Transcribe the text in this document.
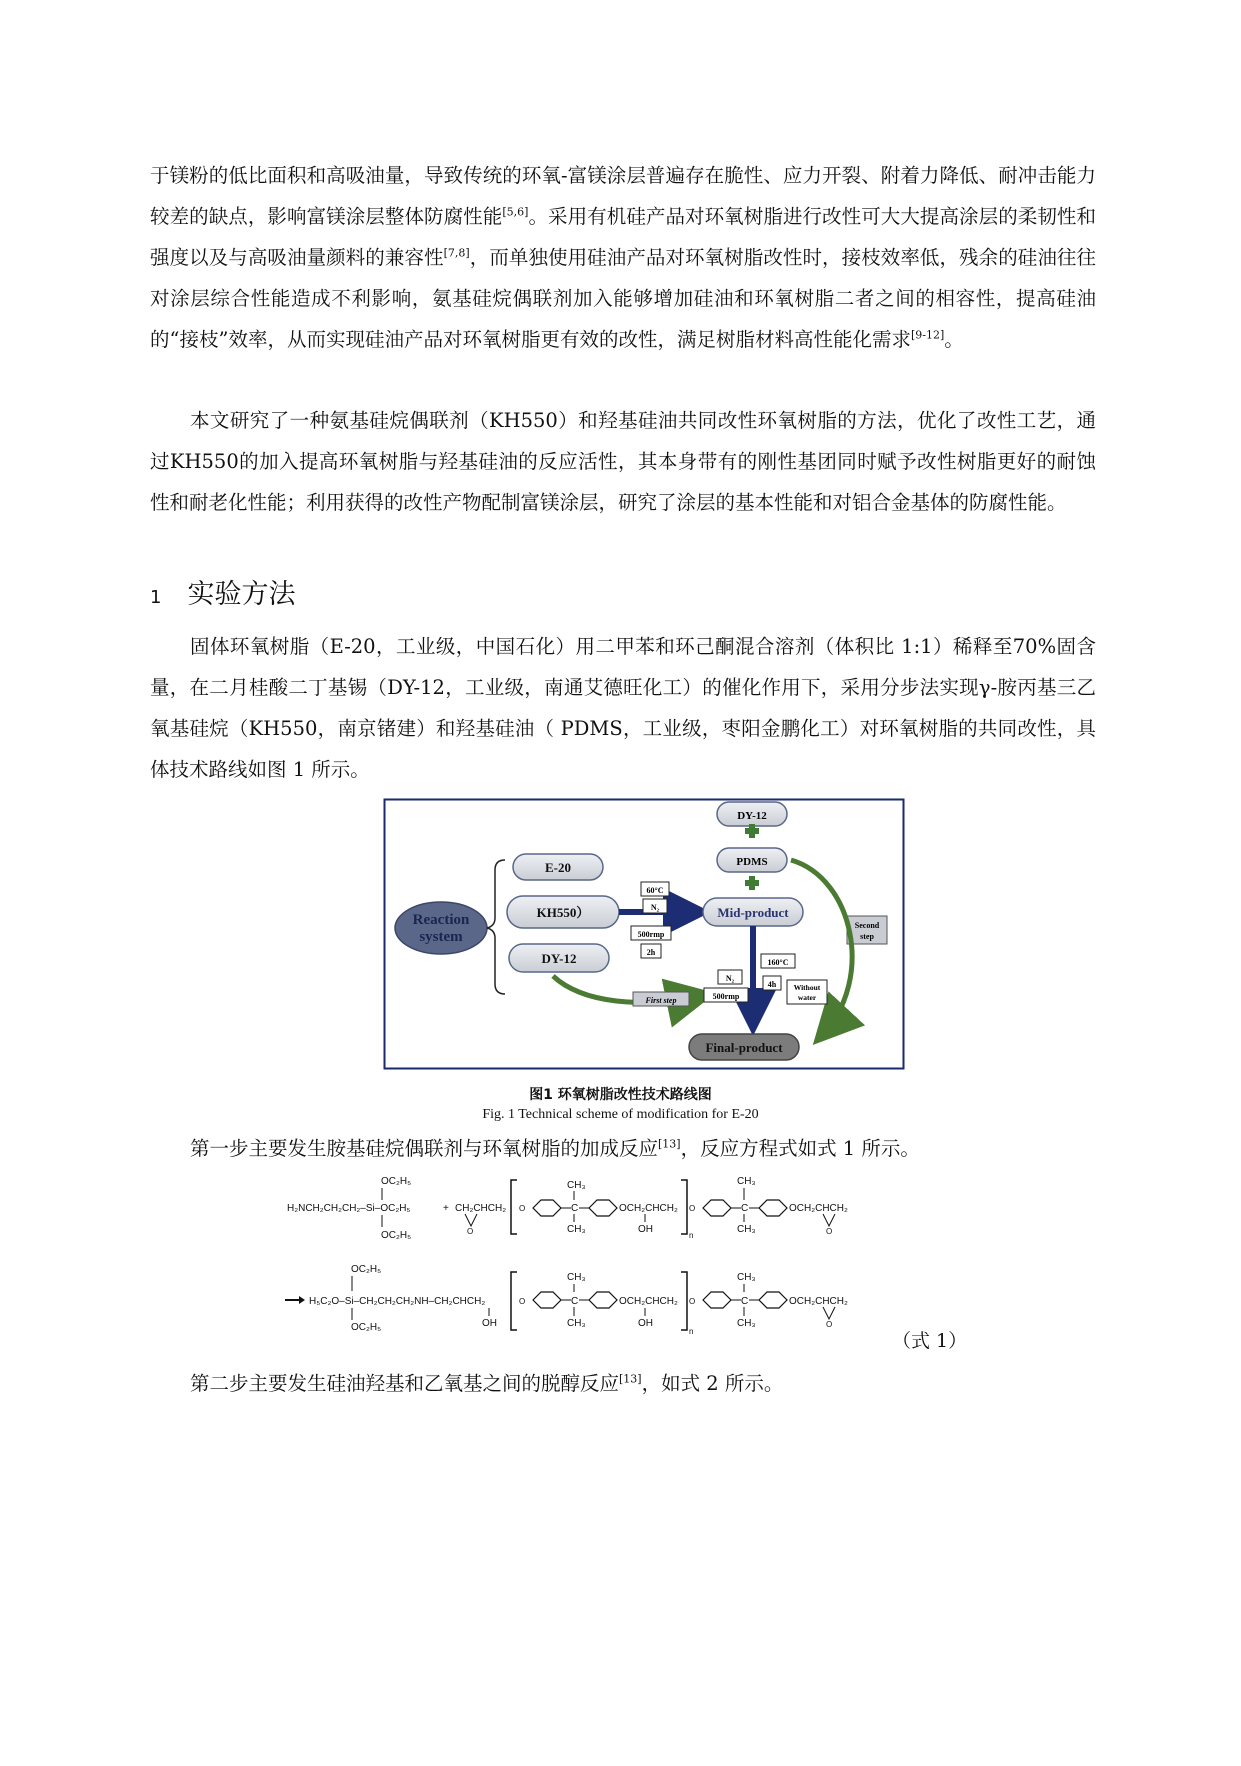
于镁粉的低比面积和高吸油量，导致传统的环氧-富镁涂层普遍存在脆性、应力开裂、附着力降低、耐冲击能力较差的缺点，影响富镁涂层整体防腐性能[5,6]。采用有机硅产品对环氧树脂进行改性可大大提高涂层的柔韧性和强度以及与高吸油量颜料的兼容性[7,8]，而单独使用硅油产品对环氧树脂改性时，接枝效率低，残余的硅油往往对涂层综合性能造成不利影响，氨基硅烷偶联剂加入能够增加硅油和环氧树脂二者之间的相容性，提高硅油的“接枝”效率，从而实现硅油产品对环氧树脂更有效的改性，满足树脂材料高性能化需求[9-12]。

本文研究了一种氨基硅烷偶联剂（KH550）和羟基硅油共同改性环氧树脂的方法，优化了改性工艺，通过KH550的加入提高环氧树脂与羟基硅油的反应活性，其本身带有的刚性基团同时赋予改性树脂更好的耐蚀性和耐老化性能；利用获得的改性产物配制富镁涂层，研究了涂层的基本性能和对铝合金基体的防腐性能。

1 实验方法

固体环氧树脂（E-20，工业级，中国石化）用二甲苯和环己酮混合溶剂（体积比 1:1）稀释至70%固含量，在二月桂酸二丁基锡（DY-12，工业级，南通艾德旺化工）的催化作用下，采用分步法实现γ-胺丙基三乙氧基硅烷（KH550，南京锗建）和羟基硅油（ PDMS，工业级，枣阳金鹏化工）对环氧树脂的共同改性，具体技术路线如图 1 所示。

Reaction
system
E-20
KH550）
DY-12
60°C
N₂
500rmp
2h
Mid-product
DY-12
PDMS
Second
step
First step
N₂
160°C
500rmp
4h Without
water
Final-product
图1 环氧树脂改性技术路线图
Fig. 1 Technical scheme of modification for E-20

第一步主要发生胺基硅烷偶联剂与环氧树脂的加成反应[13]，反应方程式如式 1 所示。

OC₂H₅
H₂NCH₂CH₂CH₂–Si–OC₂H₅
OC₂H₅
+ CH₂CHCH₂
O
O	C
CH₃
CH₃
OCH₂CHCH₂
OH
n
O	C
CH₃
CH₃
OCH₂CHCH₂
O
OC₂H₅
H₅C₂O–Si–CH₂CH₂CH₂NH–CH₂CHCH₂
OC₂H₅	OH
O	C
CH₃
CH₃
OCH₂CHCH₂
OH
n
O	C
CH₃
CH₃
OCH₂CHCH₂
O
（式 1）

第二步主要发生硅油羟基和乙氧基之间的脱醇反应[13]，如式 2 所示。
